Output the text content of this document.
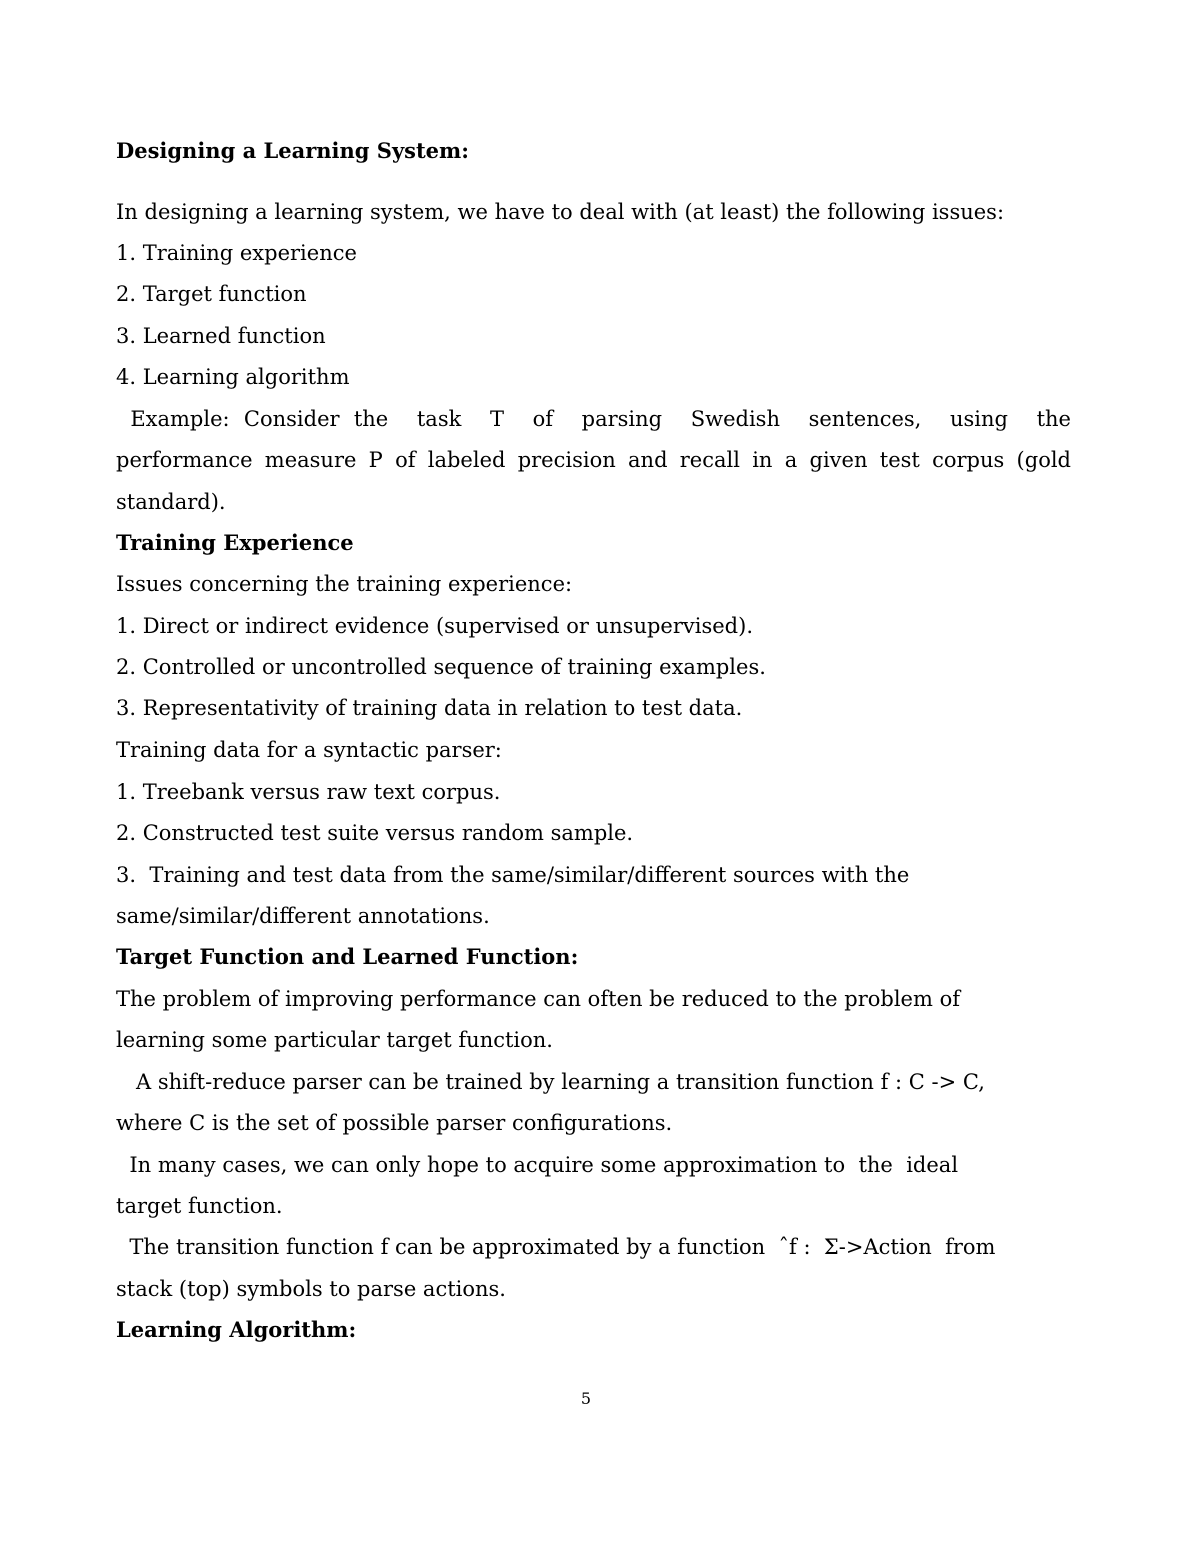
Designing a Learning System:
In designing a learning system, we have to deal with (at least) the following issues:
1. Training experience
2. Target function
3. Learned function
4. Learning algorithm
Example: Consider the  task  T  of  parsing  Swedish  sentences,  using  the
performance measure P of labeled precision and recall in a given test corpus (gold
standard).
Training Experience
Issues concerning the training experience:
1. Direct or indirect evidence (supervised or unsupervised).
2. Controlled or uncontrolled sequence of training examples.
3. Representativity of training data in relation to test data.
Training data for a syntactic parser:
1. Treebank versus raw text corpus.
2. Constructed test suite versus random sample.
3.  Training and test data from the same/similar/different sources with the
same/similar/different annotations.
Target Function and Learned Function:
The problem of improving performance can often be reduced to the problem of
learning some particular target function.
A shift-reduce parser can be trained by learning a transition function f : C -> C,
where C is the set of possible parser configurations.
In many cases, we can only hope to acquire some approximation to  the  ideal
target function.
The transition function f can be approximated by a function  ˆf :  Σ->Action  from
stack (top) symbols to parse actions.
Learning Algorithm:
5
